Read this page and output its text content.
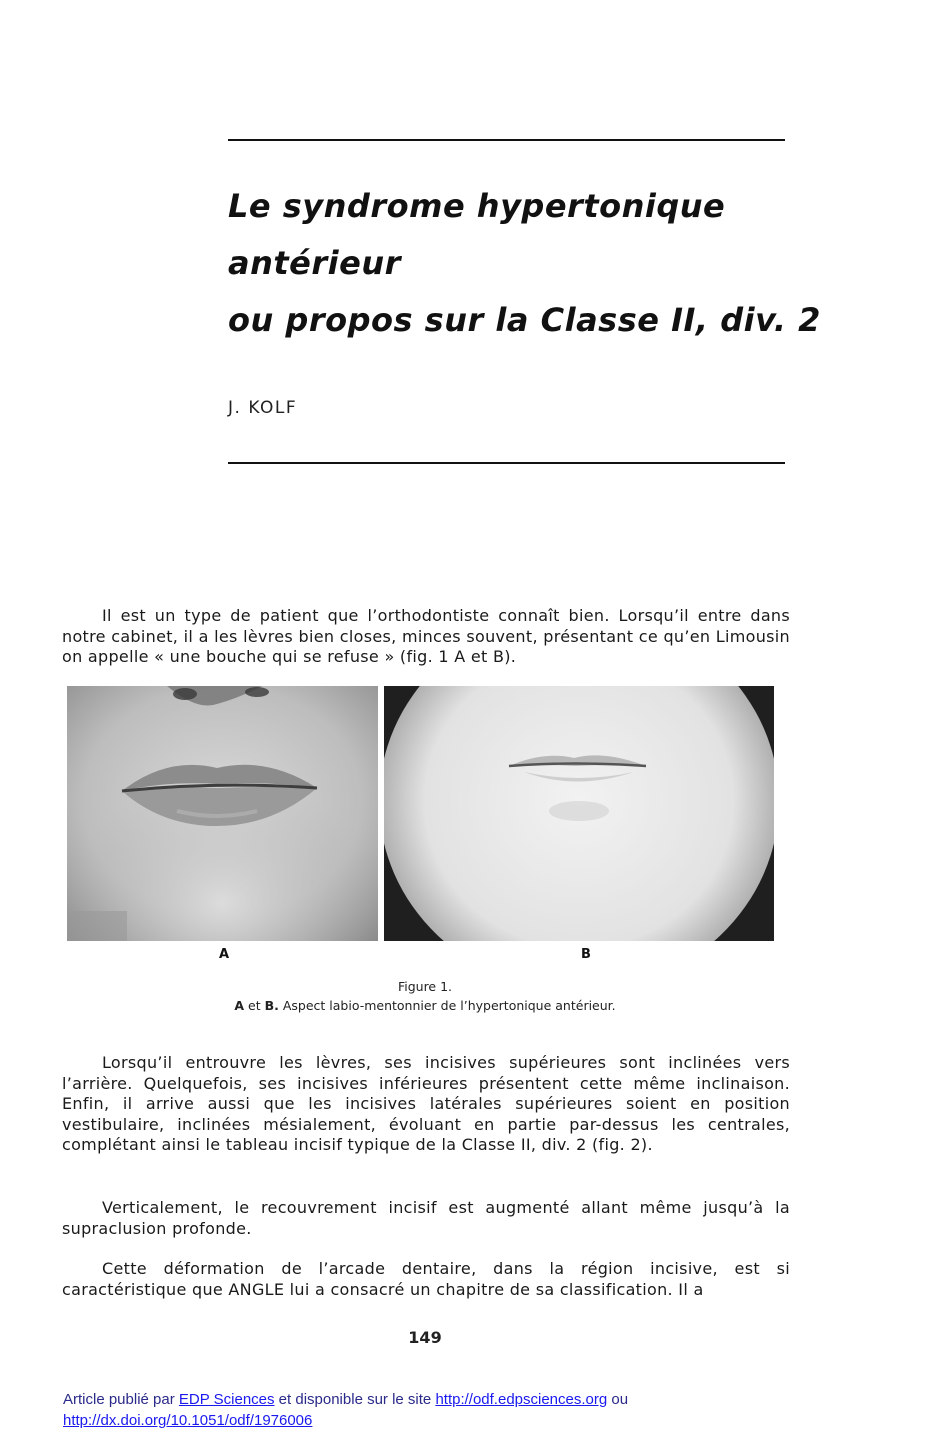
Le syndrome hypertonique
antérieur
ou propos sur la Classe II, div. 2
J. KOLF

Il est un type de patient que l’orthodontiste connaît bien. Lorsqu’il entre dans notre cabinet, il a les lèvres bien closes, minces souvent, présentant ce qu’en Limousin on appelle « une bouche qui se refuse » (fig. 1 A et B).

A	B
Figure 1.
A et B. Aspect labio-mentonnier de l’hypertonique antérieur.

Lorsqu’il entrouvre les lèvres, ses incisives supérieures sont inclinées vers l’arrière. Quelquefois, ses incisives inférieures présentent cette même inclinaison. Enfin, il arrive aussi que les incisives latérales supérieures soient en position vestibulaire, inclinées mésialement, évoluant en partie par-dessus les centrales, complétant ainsi le tableau incisif typique de la Classe II, div. 2 (fig. 2).

Verticalement, le recouvrement incisif est augmenté allant même jusqu’à la supraclusion profonde.

Cette déformation de l’arcade dentaire, dans la région incisive, est si caractéristique que ANGLE lui a consacré un chapitre de sa classification. Il a

149
Article publié par EDP Sciences et disponible sur le site http://odf.edpsciences.org ou
http://dx.doi.org/10.1051/odf/1976006
